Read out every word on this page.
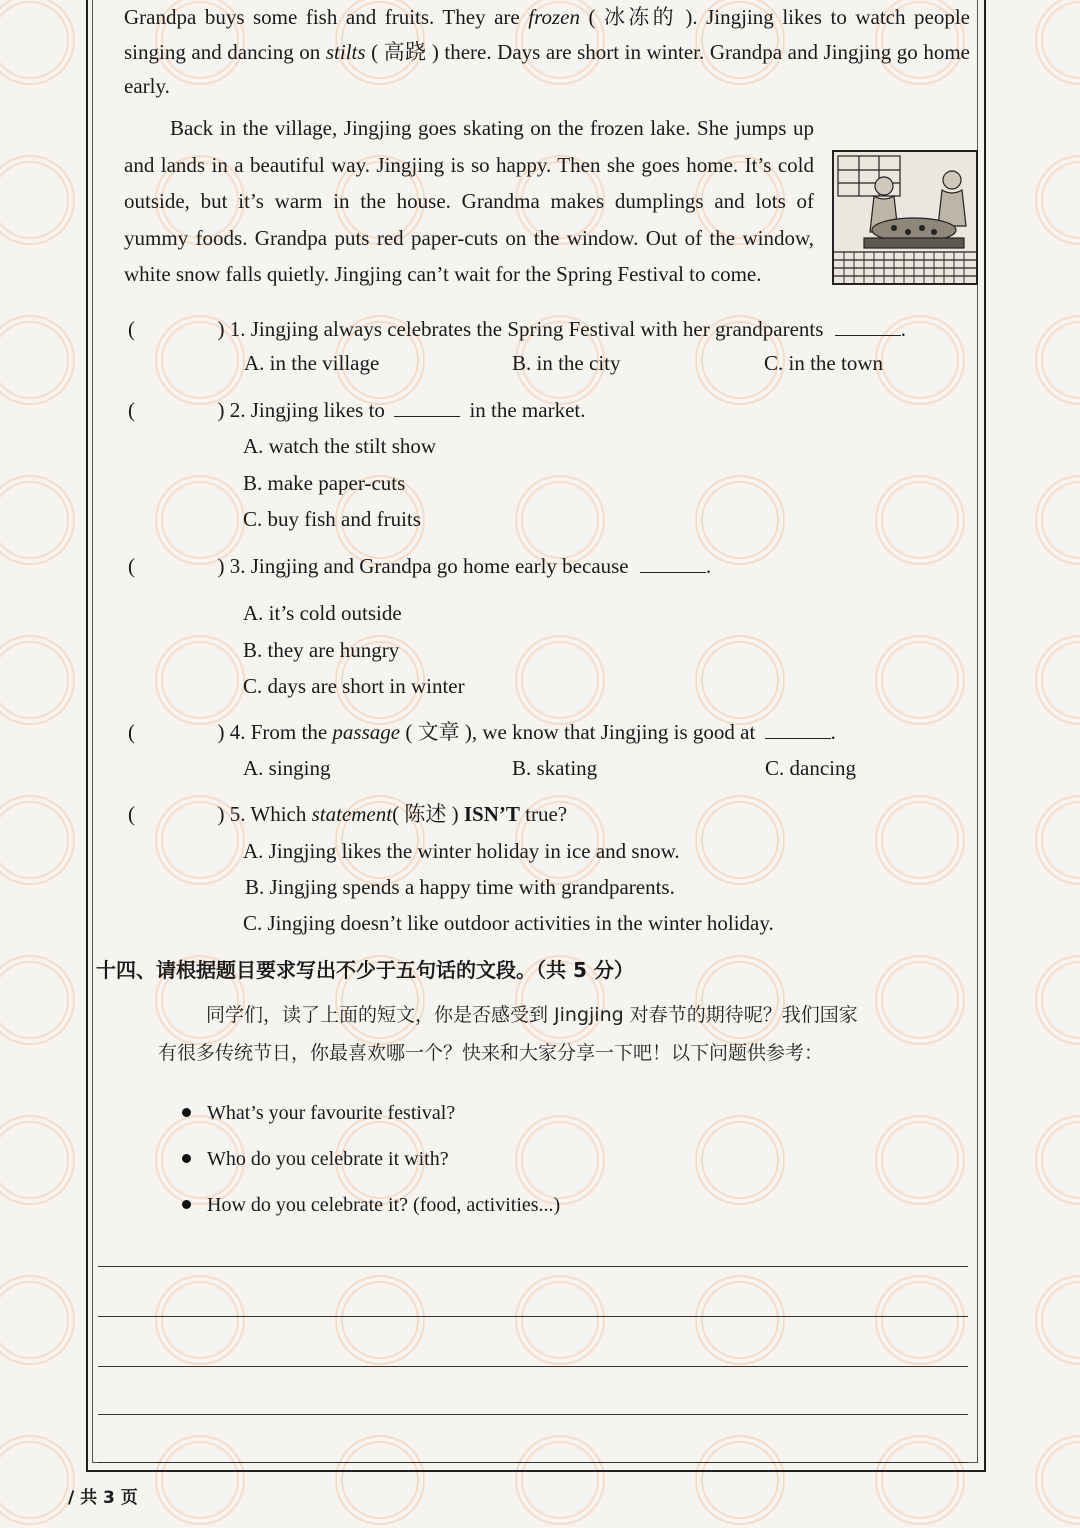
Grandpa buys some fish and fruits. They are frozen ( 冰冻的 ). Jingjing likes to watch people singing and dancing on stilts ( 高跷 ) there. Days are short in winter. Grandpa and Jingjing go home early.

Back in the village, Jingjing goes skating on the frozen lake. She jumps up and lands in a beautiful way. Jingjing is so happy. Then she goes home. It’s cold outside, but it’s warm in the house. Grandma makes dumplings and lots of yummy foods. Grandpa puts red paper-cuts on the window. Out of the window, white snow falls quietly. Jingjing can’t wait for the Spring Festival to come.

(	) 1. Jingjing always celebrates the Spring Festival with her grandparents	.
A. in the village	B. in the city	C. in the town
(	) 2. Jingjing likes to	in the market.
A. watch the stilt show
B. make paper-cuts
C. buy fish and fruits
(	) 3. Jingjing and Grandpa go home early because	.
A. it’s cold outside
B. they are hungry
C. days are short in winter
(	) 4. From the passage ( 文章 ), we know that Jingjing is good at	.
A. singing	B. skating	C. dancing
(	) 5. Which statement( 陈述 ) ISN’T true?
A. Jingjing likes the winter holiday in ice and snow.
B. Jingjing spends a happy time with grandparents.
C. Jingjing doesn’t like outdoor activities in the winter holiday.
十四、请根据题目要求写出不少于五句话的文段。（共 5 分）
同学们，读了上面的短文，你是否感受到 Jingjing 对春节的期待呢？我们国家
有很多传统节日，你最喜欢哪一个？快来和大家分享一下吧！以下问题供参考：
What’s your favourite festival?
Who do you celebrate it with?
How do you celebrate it? (food, activities...)
/ 共 3 页
